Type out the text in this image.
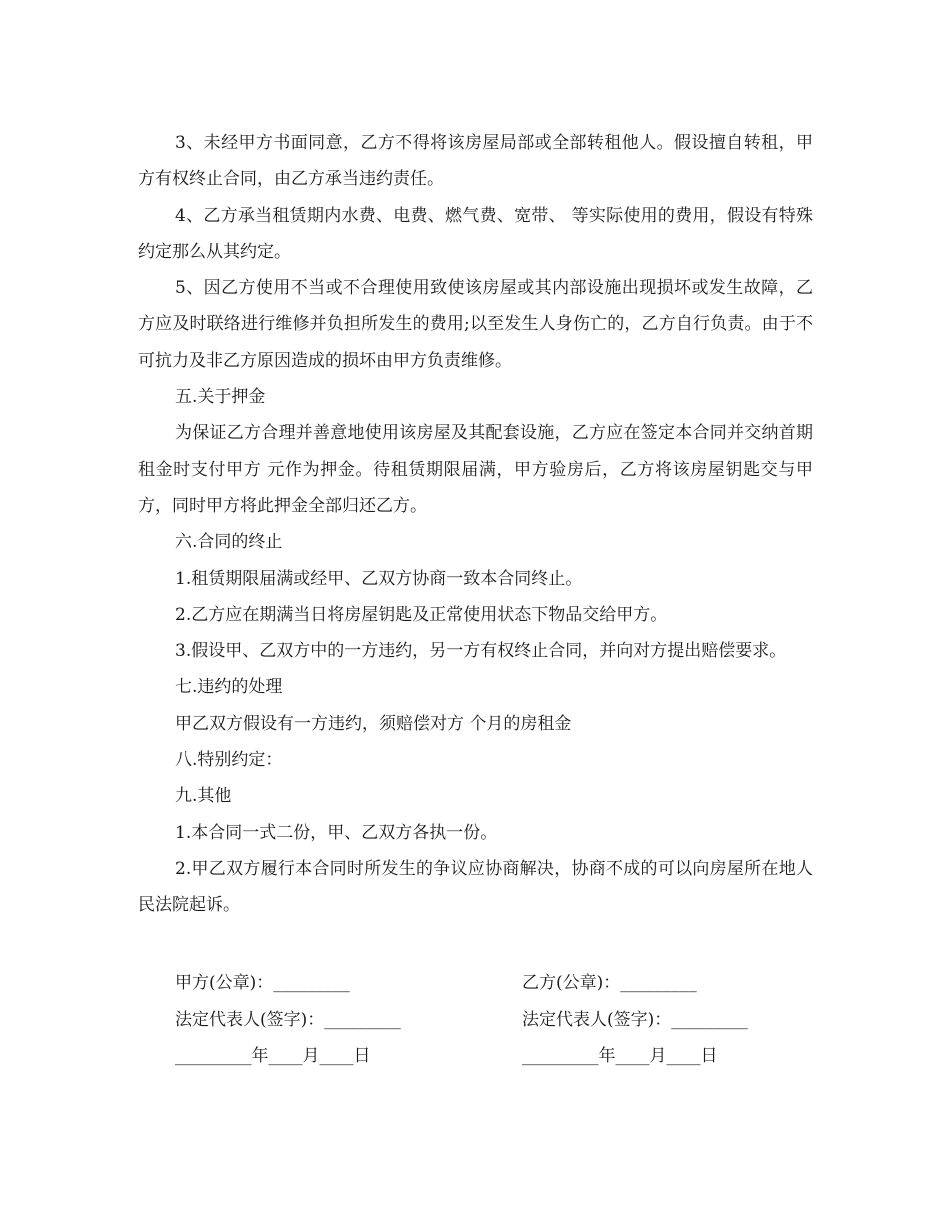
3、未经甲方书面同意，乙方不得将该房屋局部或全部转租他人。假设擅自转租，甲方有权终止合同，由乙方承当违约责任。

4、乙方承当租赁期内水费、电费、燃气费、宽带、 等实际使用的费用，假设有特殊约定那么从其约定。

5、因乙方使用不当或不合理使用致使该房屋或其内部设施出现损坏或发生故障，乙方应及时联络进行维修并负担所发生的费用;以至发生人身伤亡的，乙方自行负责。由于不可抗力及非乙方原因造成的损坏由甲方负责维修。

五.关于押金

为保证乙方合理并善意地使用该房屋及其配套设施，乙方应在签定本合同并交纳首期租金时支付甲方 元作为押金。待租赁期限届满，甲方验房后，乙方将该房屋钥匙交与甲方，同时甲方将此押金全部归还乙方。

六.合同的终止

1.租赁期限届满或经甲、乙双方协商一致本合同终止。

2.乙方应在期满当日将房屋钥匙及正常使用状态下物品交给甲方。

3.假设甲、乙双方中的一方违约，另一方有权终止合同，并向对方提出赔偿要求。

七.违约的处理

甲乙双方假设有一方违约，须赔偿对方 个月的房租金

八.特别约定：

九.其他

1.本合同一式二份，甲、乙双方各执一份。

2.甲乙双方履行本合同时所发生的争议应协商解决，协商不成的可以向房屋所在地人民法院起诉。

甲方(公章)：_________	乙方(公章)：_________
法定代表人(签字)：_________	法定代表人(签字)：_________
_________年____月____日	_________年____月____日
